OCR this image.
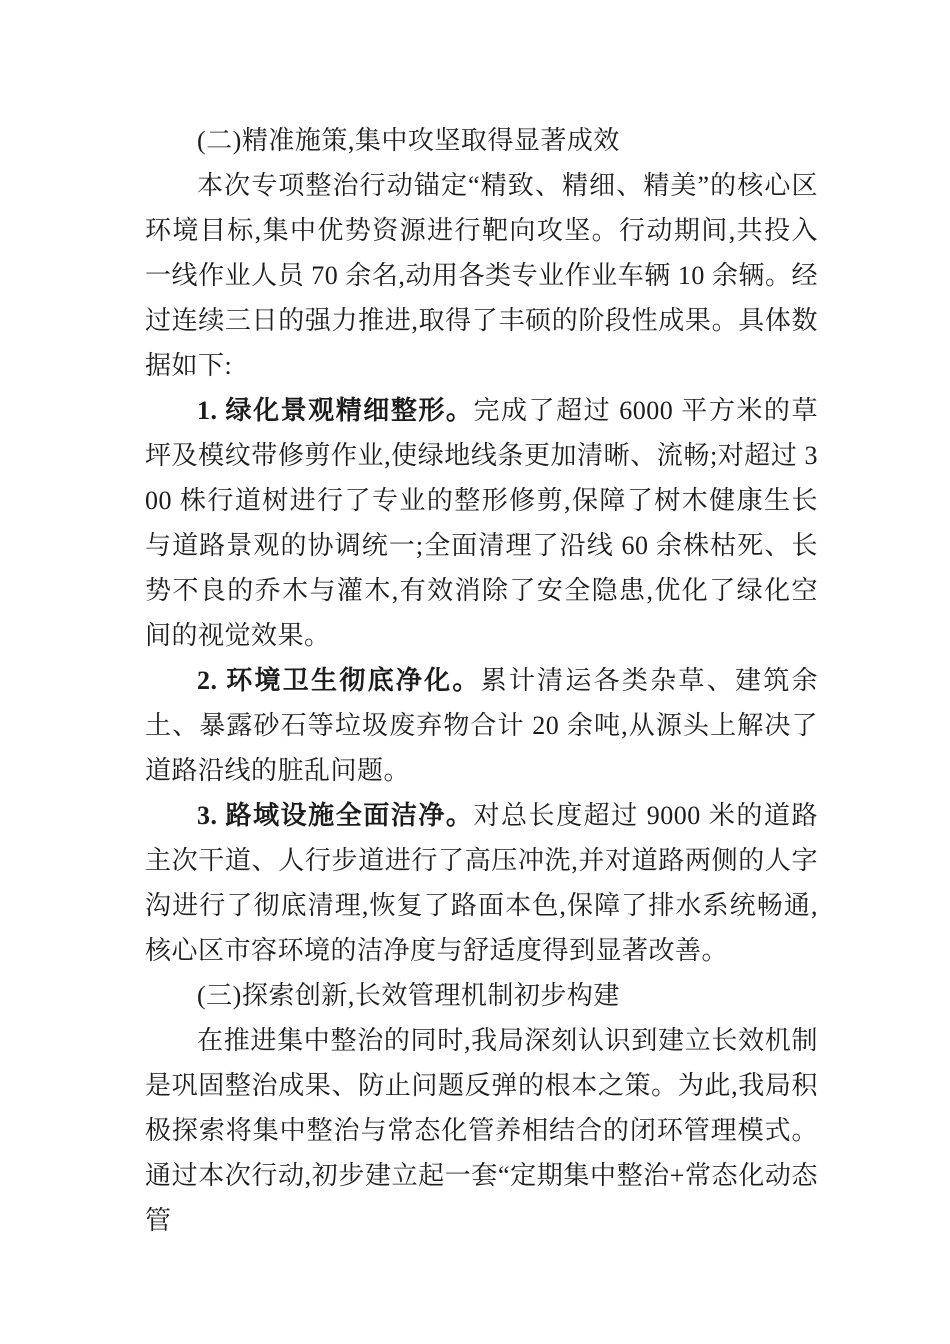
(二)精准施策,集中攻坚取得显著成效

本次专项整治行动锚定“精致、精细、精美”的核心区环境目标,集中优势资源进行靶向攻坚。行动期间,共投入一线作业人员 70 余名,动用各类专业作业车辆 10 余辆。经过连续三日的强力推进,取得了丰硕的阶段性成果。具体数据如下:

1. 绿化景观精细整形。完成了超过 6000 平方米的草坪及模纹带修剪作业,使绿地线条更加清晰、流畅;对超过 300 株行道树进行了专业的整形修剪,保障了树木健康生长与道路景观的协调统一;全面清理了沿线 60 余株枯死、长势不良的乔木与灌木,有效消除了安全隐患,优化了绿化空间的视觉效果。

2. 环境卫生彻底净化。累计清运各类杂草、建筑余土、暴露砂石等垃圾废弃物合计 20 余吨,从源头上解决了道路沿线的脏乱问题。

3. 路域设施全面洁净。对总长度超过 9000 米的道路主次干道、人行步道进行了高压冲洗,并对道路两侧的人字沟进行了彻底清理,恢复了路面本色,保障了排水系统畅通,核心区市容环境的洁净度与舒适度得到显著改善。

(三)探索创新,长效管理机制初步构建

在推进集中整治的同时,我局深刻认识到建立长效机制是巩固整治成果、防止问题反弹的根本之策。为此,我局积极探索将集中整治与常态化管养相结合的闭环管理模式。通过本次行动,初步建立起一套“定期集中整治+常态化动态管
